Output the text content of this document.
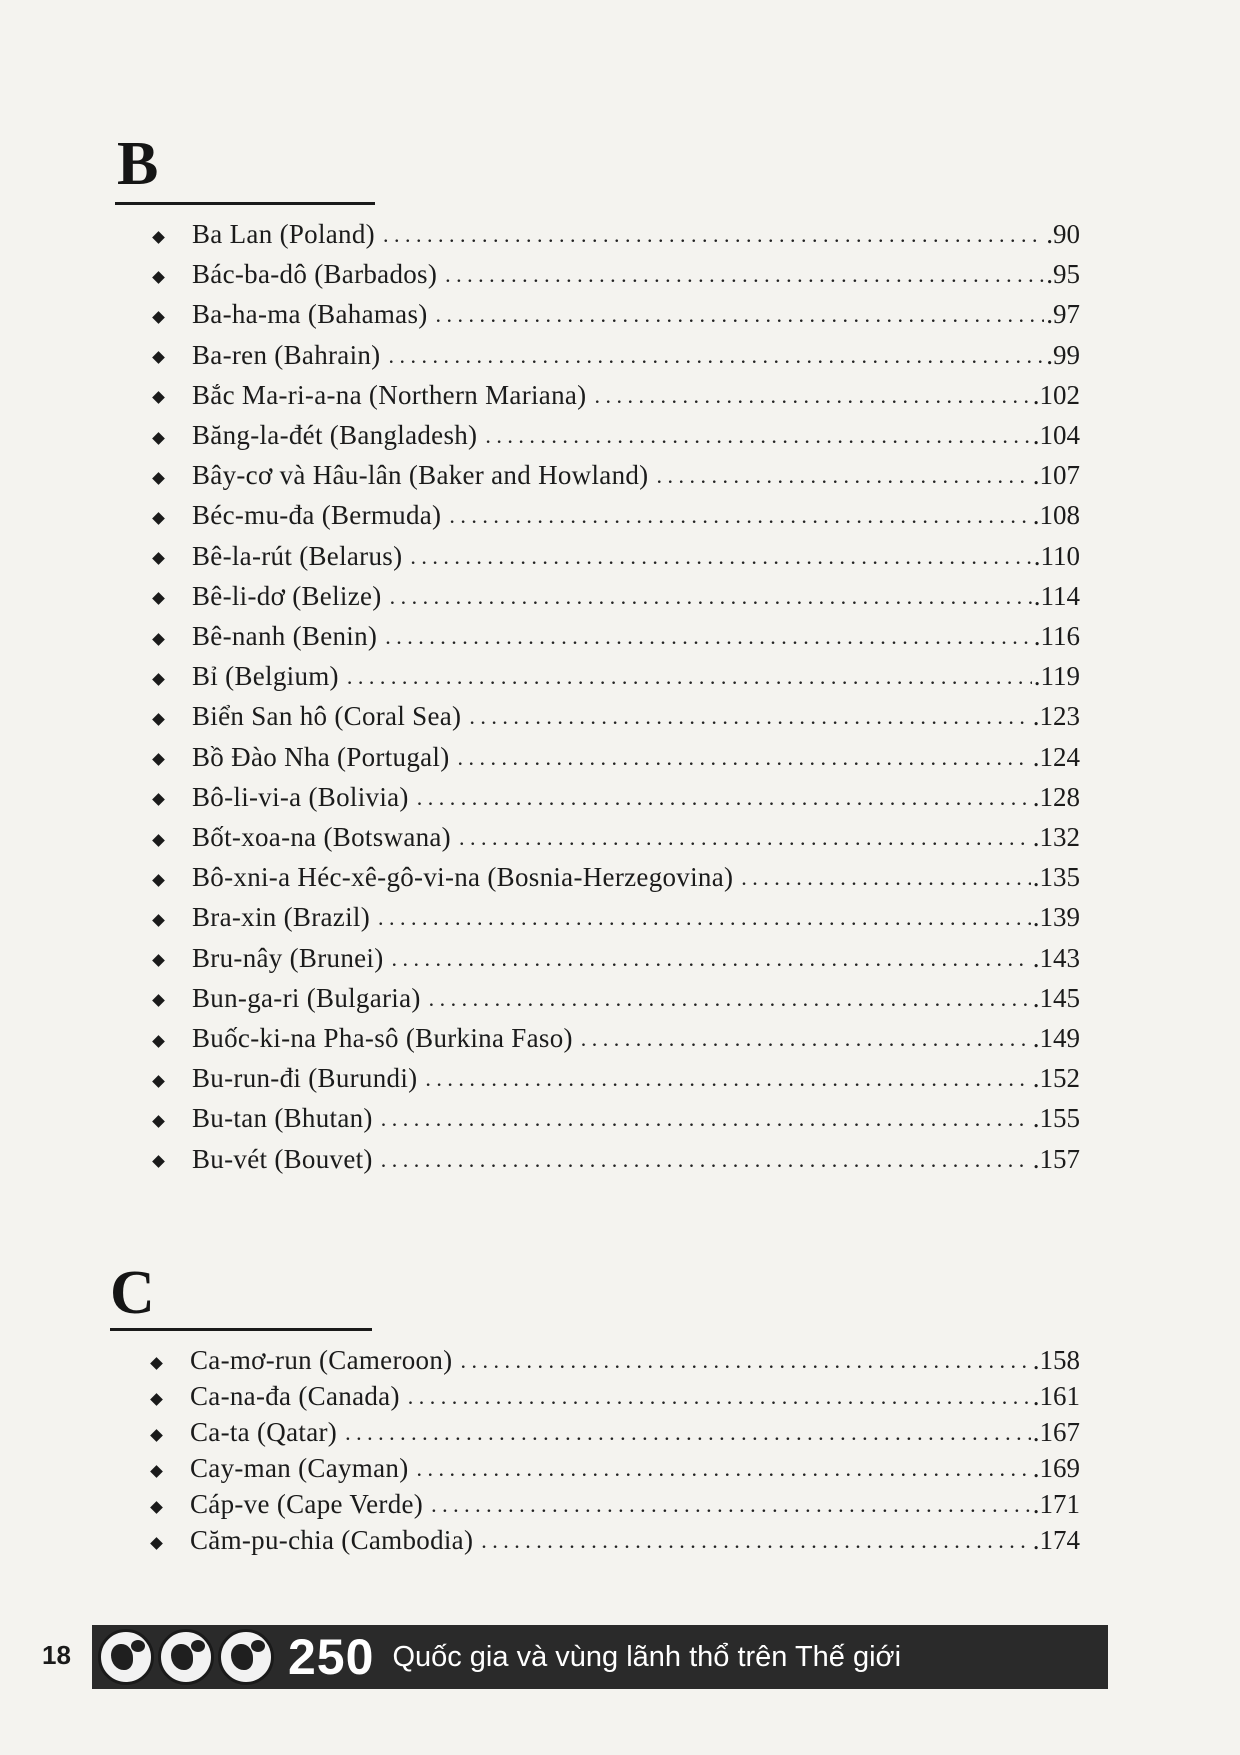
B
Ba Lan (Poland) . . .	.90
Bác-ba-dô (Barbados) . . .	.95
Ba-ha-ma (Bahamas) . . .	.97
Ba-ren (Bahrain) . . .	.99
Bắc Ma-ri-a-na (Northern Mariana) . . .	.102
Băng-la-đét (Bangladesh) . . .	.104
Bây-cơ và Hâu-lân (Baker and Howland) . . .	.107
Béc-mu-đa (Bermuda) . . .	.108
Bê-la-rút (Belarus) . . .	.110
Bê-li-dơ (Belize) . . .	.114
Bê-nanh (Benin) . . .	.116
Bỉ (Belgium) . . .	.119
Biển San hô (Coral Sea) . . .	.123
Bồ Đào Nha (Portugal) . . .	.124
Bô-li-vi-a (Bolivia) . . .	.128
Bốt-xoa-na (Botswana) . . .	.132
Bô-xni-a Héc-xê-gô-vi-na (Bosnia-Herzegovina) . . .	.135
Bra-xin (Brazil) . . .	.139
Bru-nây (Brunei) . . .	.143
Bun-ga-ri (Bulgaria) . . .	.145
Buốc-ki-na Pha-sô (Burkina Faso) . . .	.149
Bu-run-đi (Burundi) . . .	.152
Bu-tan (Bhutan) . . .	.155
Bu-vét (Bouvet) . . .	.157
C
Ca-mơ-run (Cameroon) . . .	.158
Ca-na-đa (Canada) . . .	.161
Ca-ta (Qatar) . . .	.167
Cay-man (Cayman) . . .	.169
Cáp-ve (Cape Verde) . . .	.171
Căm-pu-chia (Cambodia) . . .	.174
18	250 Quốc gia và vùng lãnh thổ trên Thế giới
